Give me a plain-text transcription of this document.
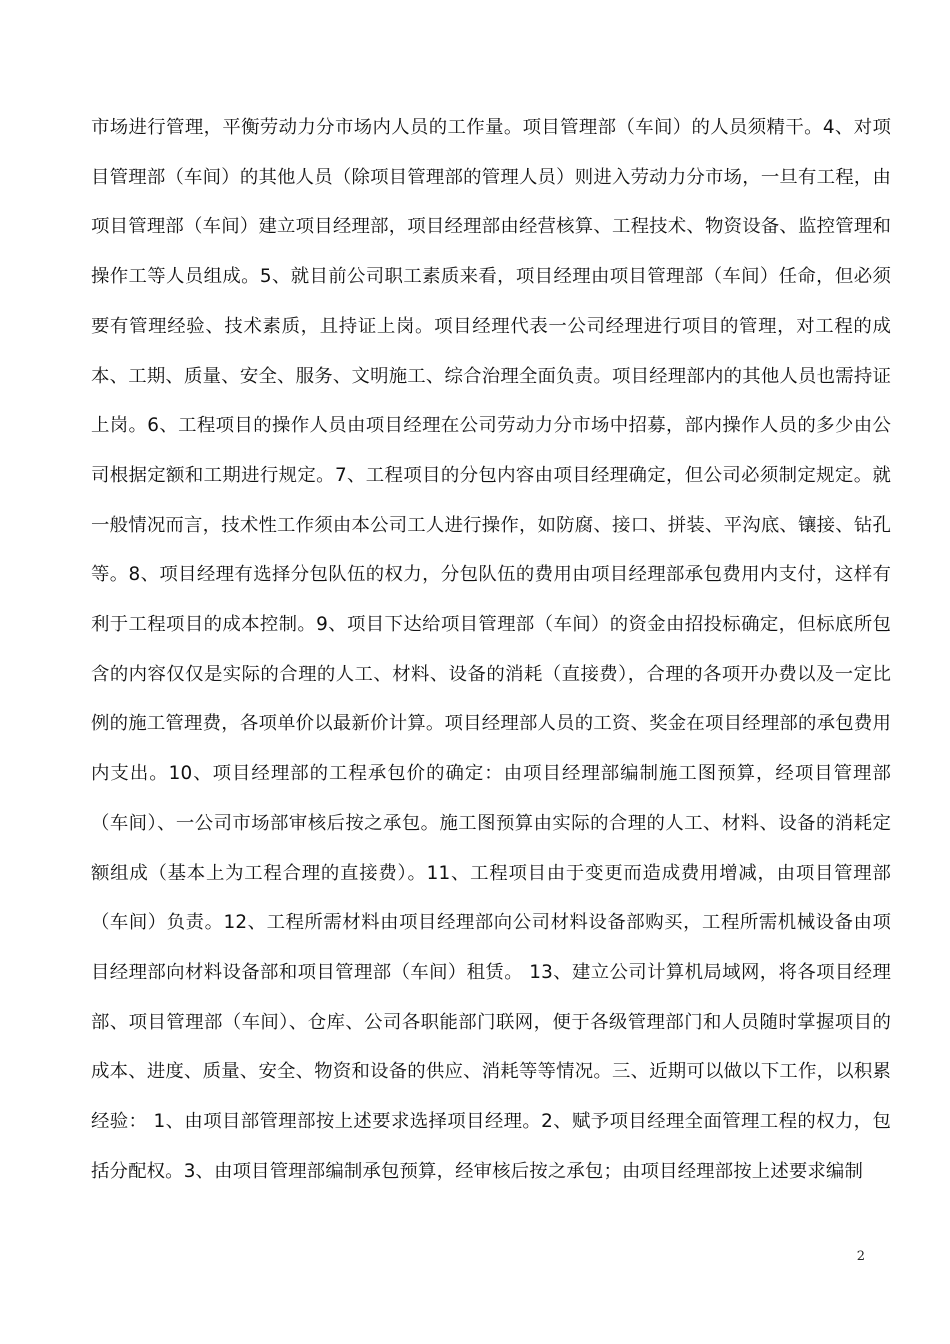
市场进行管理，平衡劳动力分市场内人员的工作量。项目管理部（车间）的人员须精干。4、对项目管理部（车间）的其他人员（除项目管理部的管理人员）则进入劳动力分市场，一旦有工程，由项目管理部（车间）建立项目经理部，项目经理部由经营核算、工程技术、物资设备、监控管理和操作工等人员组成。5、就目前公司职工素质来看，项目经理由项目管理部（车间）任命，但必须要有管理经验、技术素质，且持证上岗。项目经理代表一公司经理进行项目的管理，对工程的成本、工期、质量、安全、服务、文明施工、综合治理全面负责。项目经理部内的其他人员也需持证上岗。6、工程项目的操作人员由项目经理在公司劳动力分市场中招募，部内操作人员的多少由公司根据定额和工期进行规定。7、工程项目的分包内容由项目经理确定，但公司必须制定规定。就一般情况而言，技术性工作须由本公司工人进行操作，如防腐、接口、拼装、平沟底、镶接、钻孔等。8、项目经理有选择分包队伍的权力，分包队伍的费用由项目经理部承包费用内支付，这样有利于工程项目的成本控制。9、项目下达给项目管理部（车间）的资金由招投标确定，但标底所包含的内容仅仅是实际的合理的人工、材料、设备的消耗（直接费），合理的各项开办费以及一定比例的施工管理费，各项单价以最新价计算。项目经理部人员的工资、奖金在项目经理部的承包费用内支出。10、项目经理部的工程承包价的确定：由项目经理部编制施工图预算，经项目管理部（车间）、一公司市场部审核后按之承包。施工图预算由实际的合理的人工、材料、设备的消耗定额组成（基本上为工程合理的直接费）。11、工程项目由于变更而造成费用增减，由项目管理部（车间）负责。12、工程所需材料由项目经理部向公司材料设备部购买，工程所需机械设备由项目经理部向材料设备部和项目管理部（车间）租赁。 13、建立公司计算机局域网，将各项目经理部、项目管理部（车间）、仓库、公司各职能部门联网，便于各级管理部门和人员随时掌握项目的成本、进度、质量、安全、物资和设备的供应、消耗等等情况。三、近期可以做以下工作，以积累经验： 1、由项目部管理部按上述要求选择项目经理。2、赋予项目经理全面管理工程的权力，包括分配权。3、由项目管理部编制承包预算，经审核后按之承包；由项目经理部按上述要求编制

2
